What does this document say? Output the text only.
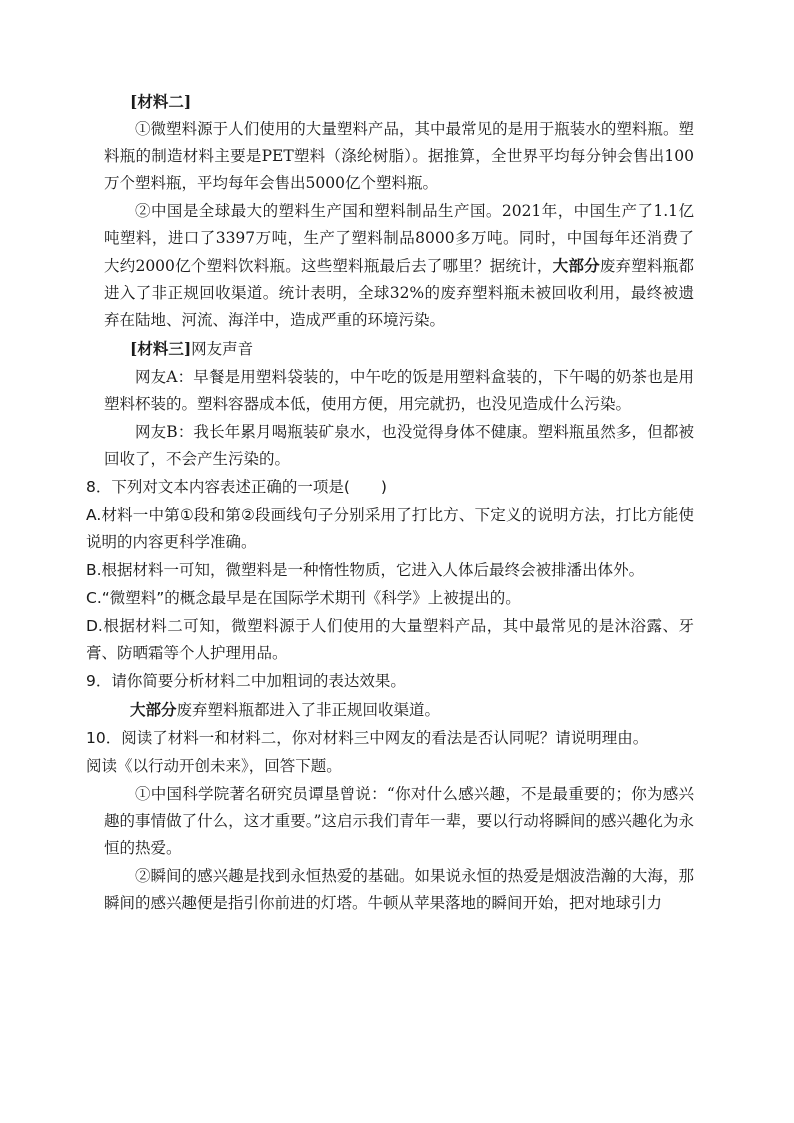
[材料二]

①微塑料源于人们使用的大量塑料产品，其中最常见的是用于瓶装水的塑料瓶。塑料瓶的制造材料主要是PET塑料（涤纶树脂）。据推算，全世界平均每分钟会售出100万个塑料瓶，平均每年会售出5000亿个塑料瓶。

②中国是全球最大的塑料生产国和塑料制品生产国。2021年，中国生产了1.1亿吨塑料，进口了3397万吨，生产了塑料制品8000多万吨。同时，中国每年还消费了大约2000亿个塑料饮料瓶。这些塑料瓶最后去了哪里？据统计，大部分废弃塑料瓶都进入了非正规回收渠道。统计表明，全球32%的废弃塑料瓶未被回收利用，最终被遗弃在陆地、河流、海洋中，造成严重的环境污染。

[材料三]网友声音

网友A：早餐是用塑料袋装的，中午吃的饭是用塑料盒装的，下午喝的奶茶也是用塑料杯装的。塑料容器成本低，使用方便，用完就扔，也没见造成什么污染。

网友B：我长年累月喝瓶装矿泉水，也没觉得身体不健康。塑料瓶虽然多，但都被回收了，不会产生污染的。

8．下列对文本内容表述正确的一项是(　　)

A.材料一中第①段和第②段画线句子分别采用了打比方、下定义的说明方法，打比方能使说明的内容更科学准确。

B.根据材料一可知，微塑料是一种惰性物质，它进入人体后最终会被排潘出体外。

C.“微塑料”的概念最早是在国际学术期刊《科学》上被提出的。

D.根据材料二可知，微塑料源于人们使用的大量塑料产品，其中最常见的是沐浴露、牙膏、防晒霜等个人护理用品。

9．请你简要分析材料二中加粗词的表达效果。

大部分废弃塑料瓶都进入了非正规回收渠道。

10．阅读了材料一和材料二，你对材料三中网友的看法是否认同呢？请说明理由。

阅读《以行动开创未来》，回答下题。

①中国科学院著名研究员谭垦曾说：“你对什么感兴趣，不是最重要的；你为感兴趣的事情做了什么，这才重要。”这启示我们青年一辈，要以行动将瞬间的感兴趣化为永恒的热爱。

②瞬间的感兴趣是找到永恒热爱的基础。如果说永恒的热爱是烟波浩瀚的大海，那瞬间的感兴趣便是指引你前进的灯塔。牛顿从苹果落地的瞬间开始，把对地球引力
